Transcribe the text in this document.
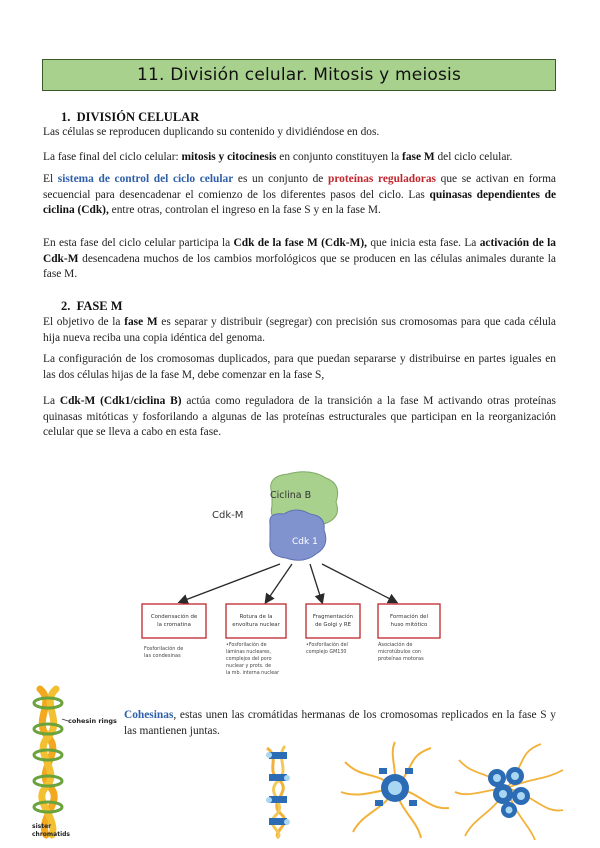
11. División celular. Mitosis y meiosis
1. DIVISIÓN CELULAR
Las células se reproducen duplicando su contenido y dividiéndose en dos.
La fase final del ciclo celular: mitosis y citocinesis en conjunto constituyen la fase M del ciclo celular.
El sistema de control del ciclo celular es un conjunto de proteínas reguladoras que se activan en forma secuencial para desencadenar el comienzo de los diferentes pasos del ciclo. Las quinasas dependientes de ciclina (Cdk), entre otras, controlan el ingreso en la fase S y en la fase M.
En esta fase del ciclo celular participa la Cdk de la fase M (Cdk-M), que inicia esta fase. La activación de la Cdk-M desencadena muchos de los cambios morfológicos que se producen en las células animales durante la fase M.
2. FASE M
El objetivo de la fase M es separar y distribuir (segregar) con precisión sus cromosomas para que cada célula hija nueva reciba una copia idéntica del genoma.
La configuración de los cromosomas duplicados, para que puedan separarse y distribuirse en partes iguales en las dos células hijas de la fase M, debe comenzar en la fase S,
La Cdk-M (Cdk1/ciclina B) actúa como reguladora de la transición a la fase M activando otras proteínas quinasas mitóticas y fosforilando a algunas de las proteínas estructurales que participan en la reorganización celular que se lleva a cabo en esta fase.
Cdk-M
Ciclina B
Cdk 1
Condensación de
la cromatina
Fosforilación de
las condesinas
Rotura de la
envoltura nuclear
•Fosforilación de
láminas nucleares,
complejos del poro
nuclear y prots. de
la mb. interna nuclear
Fragmentación
de Golgi y RE
•Fosforilación del
complejo GM130
Formación del
huso mitótico
Asociación de
microtúbulos con
proteínas motoras
cohesin rings
sister
chromatids
Cohesinas, estas unen las cromátidas hermanas de los cromosomas replicados en la fase S y las mantienen juntas.
